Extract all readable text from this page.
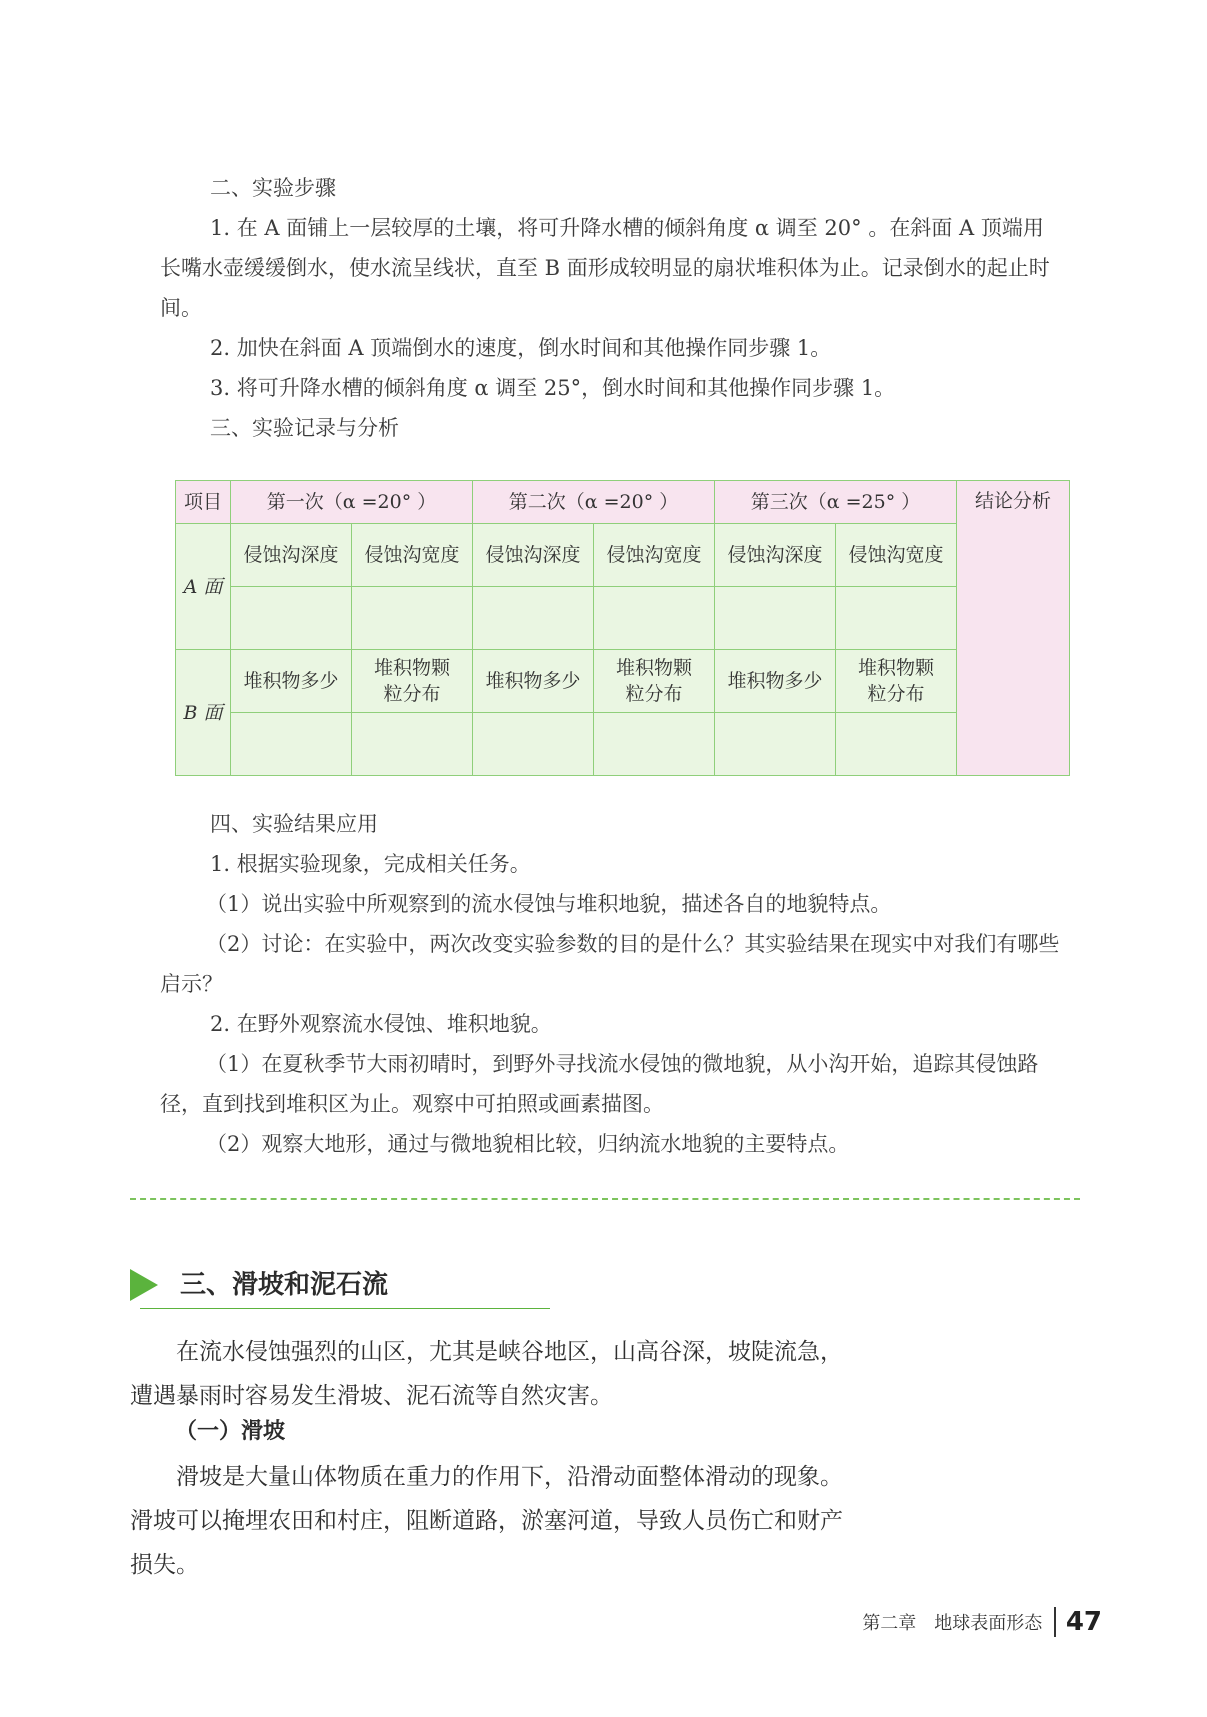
二、实验步骤

1. 在 A 面铺上一层较厚的土壤，将可升降水槽的倾斜角度 α 调至 20° 。在斜面 A 顶端用长嘴水壶缓缓倒水，使水流呈线状，直至 B 面形成较明显的扇状堆积体为止。记录倒水的起止时间。

2. 加快在斜面 A 顶端倒水的速度，倒水时间和其他操作同步骤 1。

3. 将可升降水槽的倾斜角度 α 调至 25°，倒水时间和其他操作同步骤 1。

三、实验记录与分析

项目	第一次（α =20° ）		第二次（α =20° ）		第三次（α =25° ）		结论分析

A 面	侵蚀沟深度	侵蚀沟宽度	侵蚀沟深度	侵蚀沟宽度	侵蚀沟深度	侵蚀沟宽度	

B 面	堆积物多少	堆积物颗粒分布	堆积物多少	堆积物颗粒分布	堆积物多少	堆积物颗粒分布	

四、实验结果应用

1. 根据实验现象，完成相关任务。

（1）说出实验中所观察到的流水侵蚀与堆积地貌，描述各自的地貌特点。

（2）讨论：在实验中，两次改变实验参数的目的是什么？其实验结果在现实中对我们有哪些启示？

2. 在野外观察流水侵蚀、堆积地貌。

（1）在夏秋季节大雨初晴时，到野外寻找流水侵蚀的微地貌，从小沟开始，追踪其侵蚀路径，直到找到堆积区为止。观察中可拍照或画素描图。

（2）观察大地形，通过与微地貌相比较，归纳流水地貌的主要特点。

三、滑坡和泥石流

在流水侵蚀强烈的山区，尤其是峡谷地区，山高谷深，坡陡流急，遭遇暴雨时容易发生滑坡、泥石流等自然灾害。

（一）滑坡

滑坡是大量山体物质在重力的作用下，沿滑动面整体滑动的现象。滑坡可以掩埋农田和村庄，阻断道路，淤塞河道，导致人员伤亡和财产损失。

第二章　地球表面形态 47
